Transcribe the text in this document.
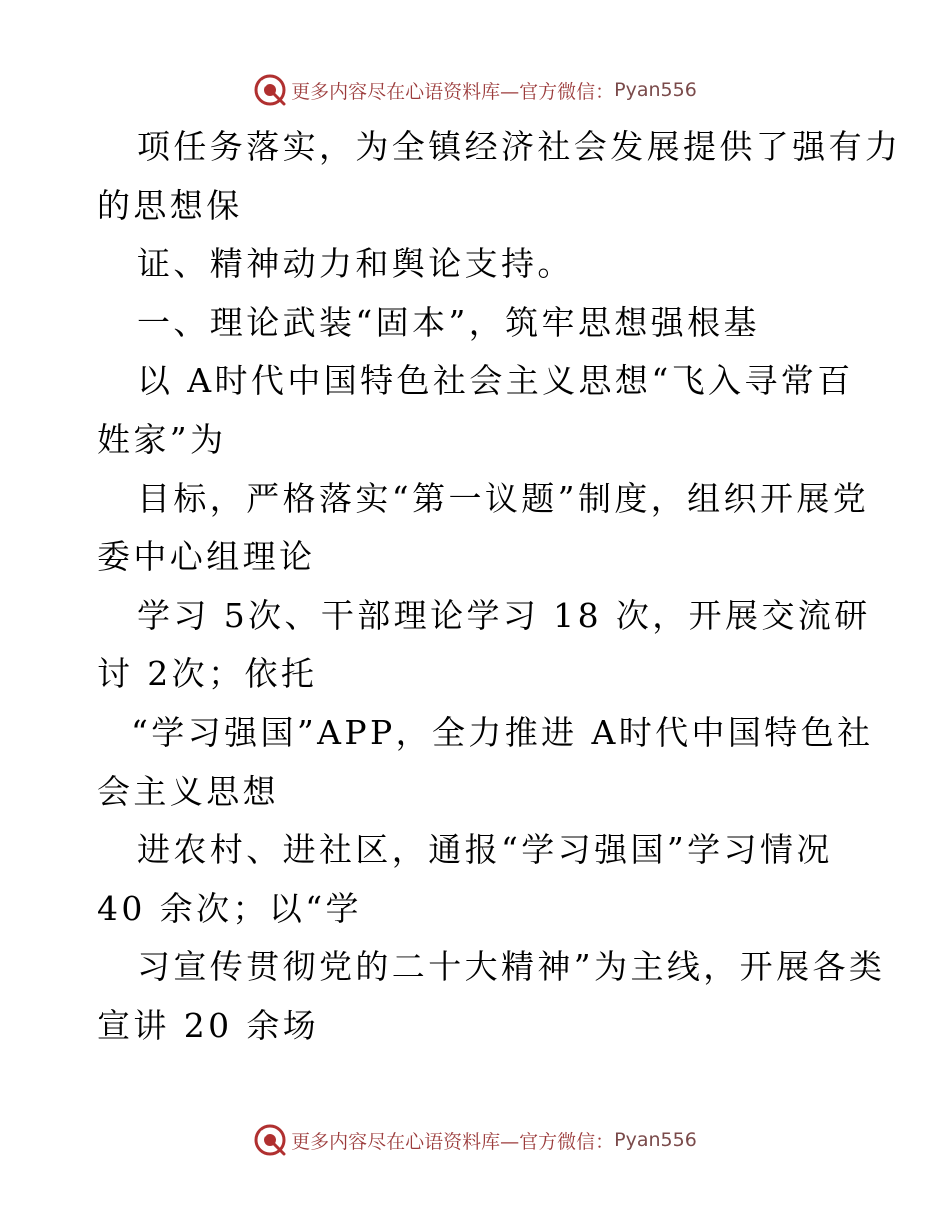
更多内容尽在心语资料库—官方微信： Pyan556
项任务落实，为全镇经济社会发展提供了强有力
的思想保
证、精神动力和舆论支持。
一、理论武装“固本”，筑牢思想强根基
以 A时代中国特色社会主义思想“飞入寻常百
姓家”为
目标，严格落实“第一议题”制度，组织开展党
委中心组理论
学习 5次、干部理论学习 18 次，开展交流研
讨 2次；依托
“学习强国”APP，全力推进 A时代中国特色社
会主义思想
进农村、进社区，通报“学习强国”学习情况
40 余次；以“学
习宣传贯彻党的二十大精神”为主线，开展各类
宣讲 20 余场
更多内容尽在心语资料库—官方微信： Pyan556
